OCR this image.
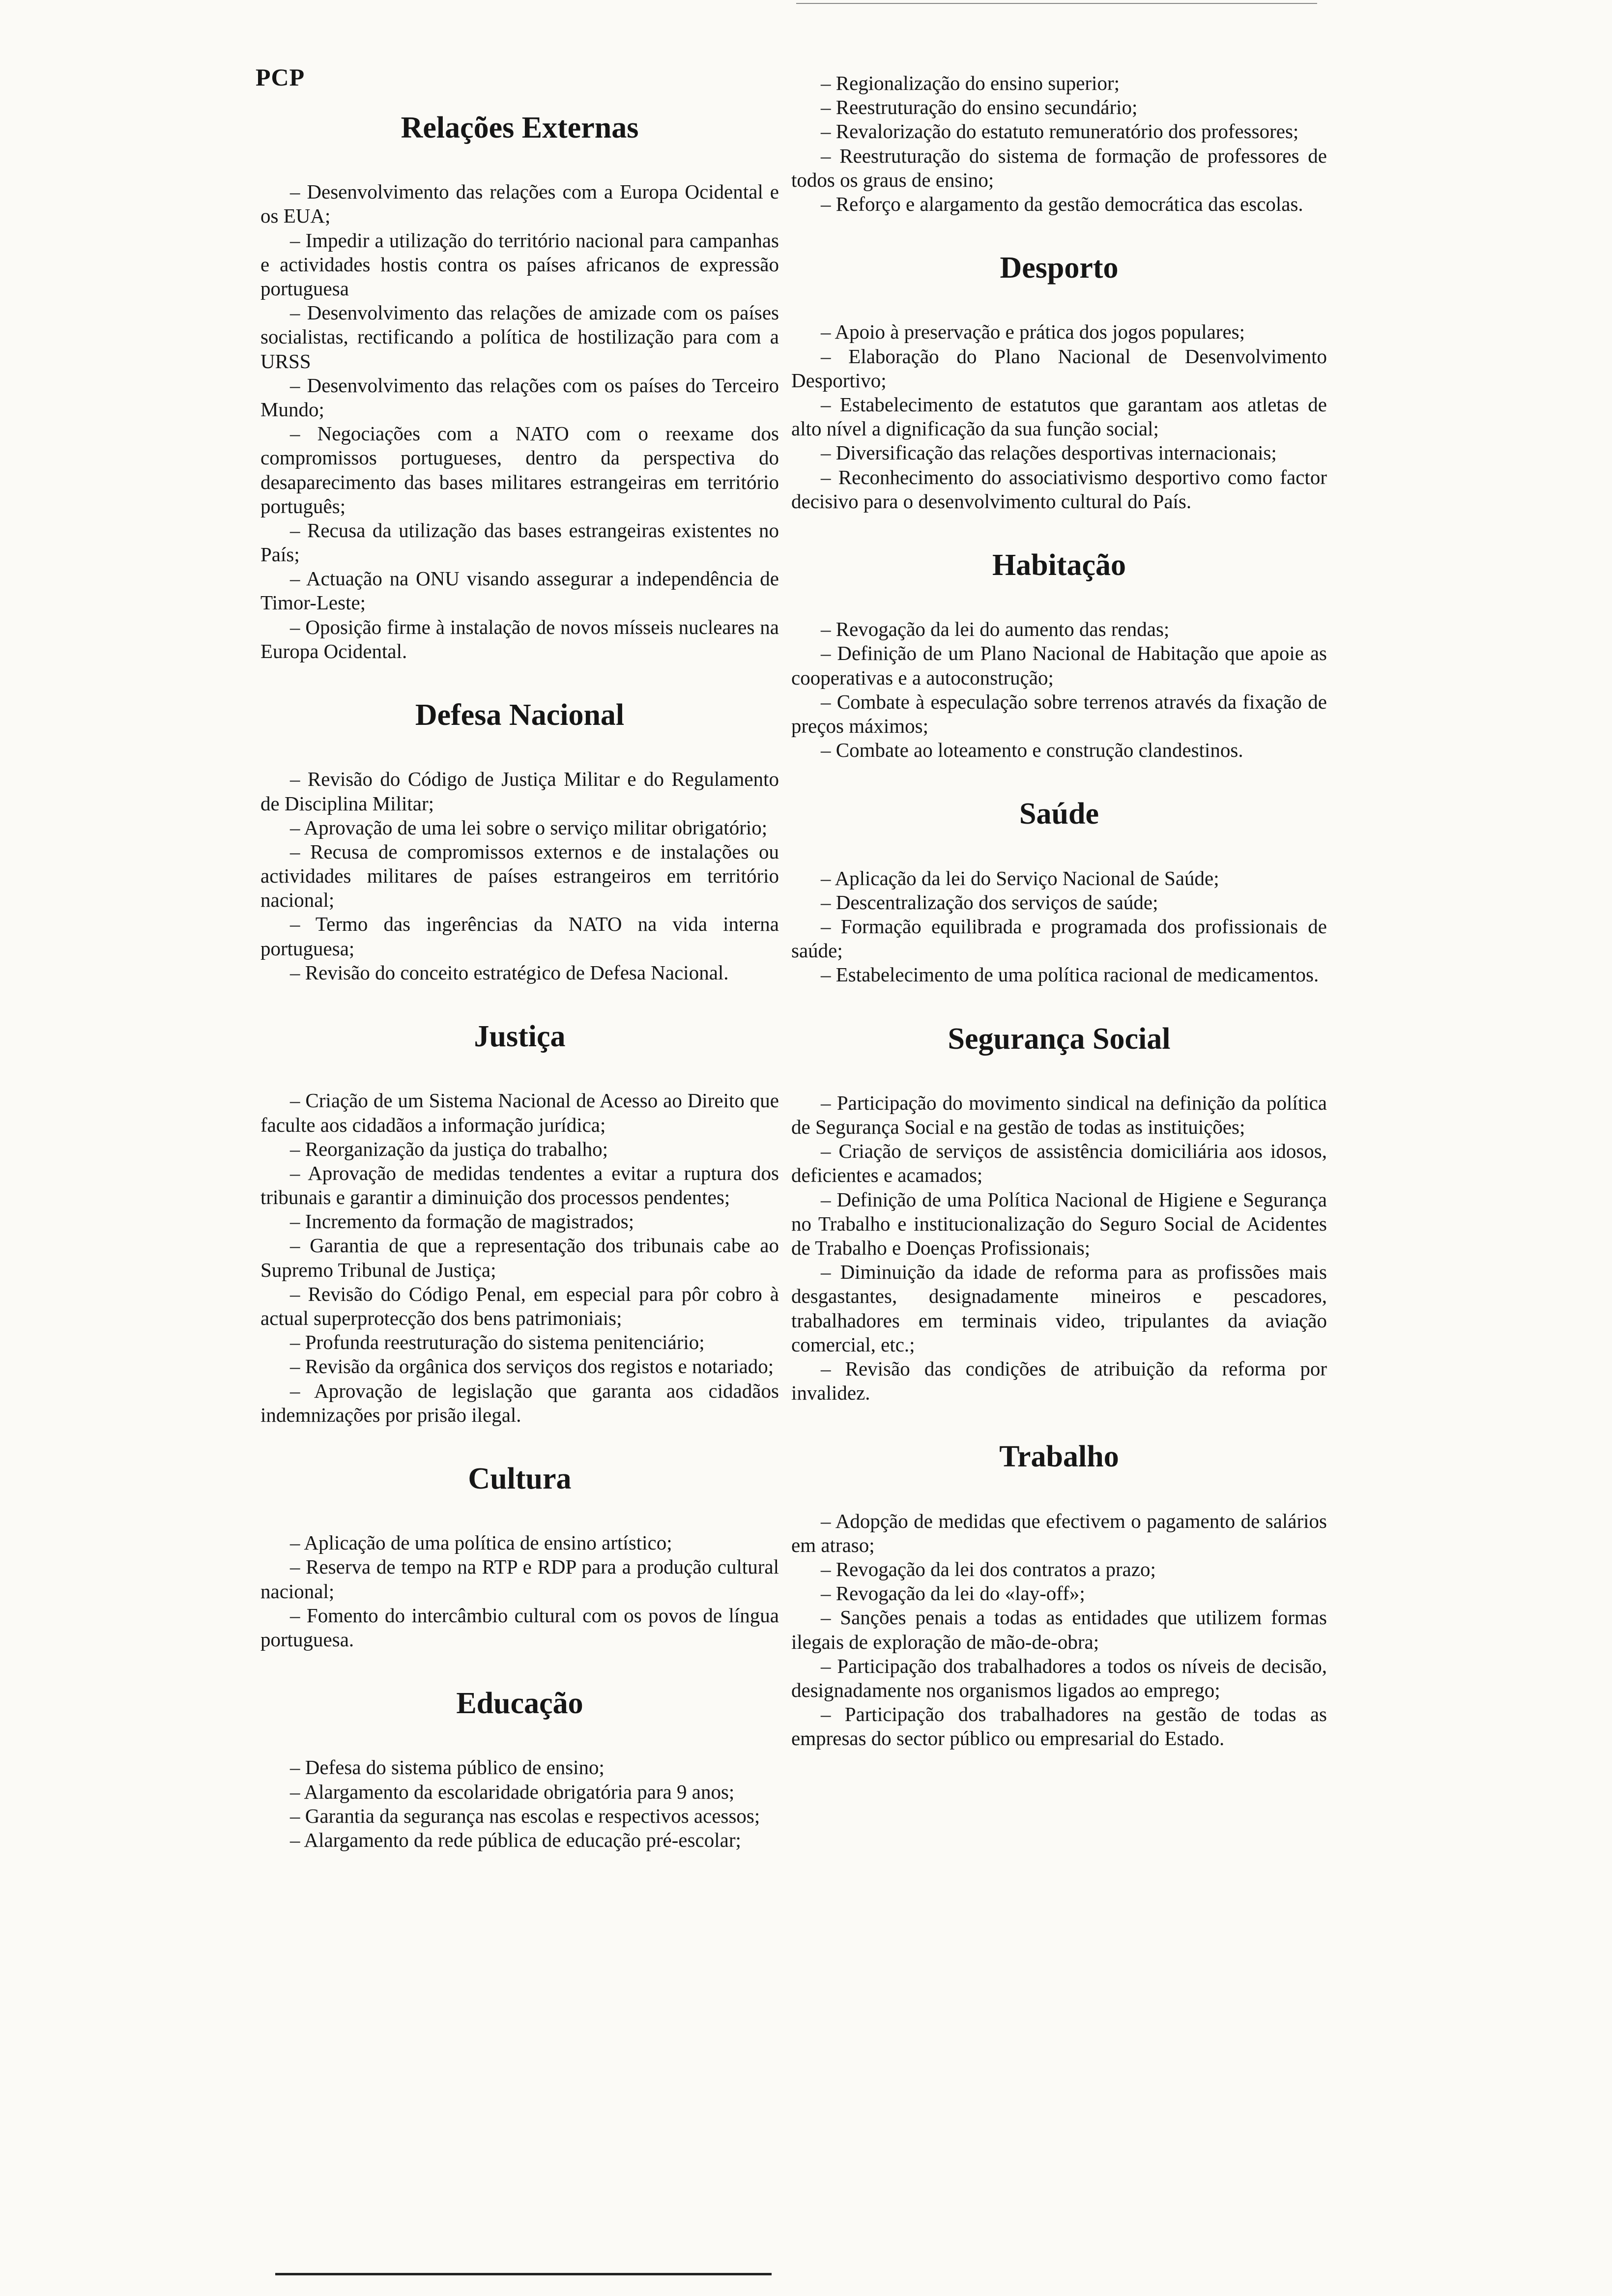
PCP
Relações Externas
– Desenvolvimento das relações com a Europa Ocidental e os EUA;
– Impedir a utilização do território nacional para campanhas e actividades hostis contra os países africanos de expressão portuguesa
– Desenvolvimento das relações de amizade com os países socialistas, rectificando a política de hostilização para com a URSS
– Desenvolvimento das relações com os países do Terceiro Mundo;
– Negociações com a NATO com o reexame dos compromissos portugueses, dentro da perspectiva do desaparecimento das bases militares estrangeiras em território português;
– Recusa da utilização das bases estrangeiras existentes no País;
– Actuação na ONU visando assegurar a independência de Timor-Leste;
– Oposição firme à instalação de novos mísseis nucleares na Europa Ocidental.
Defesa Nacional
– Revisão do Código de Justiça Militar e do Regulamento de Disciplina Militar;
– Aprovação de uma lei sobre o serviço militar obrigatório;
– Recusa de compromissos externos e de instalações ou actividades militares de países estrangeiros em território nacional;
– Termo das ingerências da NATO na vida interna portuguesa;
– Revisão do conceito estratégico de Defesa Nacional.
Justiça
– Criação de um Sistema Nacional de Acesso ao Direito que faculte aos cidadãos a informação jurídica;
– Reorganização da justiça do trabalho;
– Aprovação de medidas tendentes a evitar a ruptura dos tribunais e garantir a diminuição dos processos pendentes;
– Incremento da formação de magistrados;
– Garantia de que a representação dos tribunais cabe ao Supremo Tribunal de Justiça;
– Revisão do Código Penal, em especial para pôr cobro à actual superprotecção dos bens patrimoniais;
– Profunda reestruturação do sistema penitenciário;
– Revisão da orgânica dos serviços dos registos e notariado;
– Aprovação de legislação que garanta aos cidadãos indemnizações por prisão ilegal.
Cultura
– Aplicação de uma política de ensino artístico;
– Reserva de tempo na RTP e RDP para a produção cultural nacional;
– Fomento do intercâmbio cultural com os povos de língua portuguesa.
Educação
– Defesa do sistema público de ensino;
– Alargamento da escolaridade obrigatória para 9 anos;
– Garantia da segurança nas escolas e respectivos acessos;
– Alargamento da rede pública de educação pré-escolar;
– Regionalização do ensino superior;
– Reestruturação do ensino secundário;
– Revalorização do estatuto remuneratório dos professores;
– Reestruturação do sistema de formação de professores de todos os graus de ensino;
– Reforço e alargamento da gestão democrática das escolas.
Desporto
– Apoio à preservação e prática dos jogos populares;
– Elaboração do Plano Nacional de Desenvolvimento Desportivo;
– Estabelecimento de estatutos que garantam aos atletas de alto nível a dignificação da sua função social;
– Diversificação das relações desportivas internacionais;
– Reconhecimento do associativismo desportivo como factor decisivo para o desenvolvimento cultural do País.
Habitação
– Revogação da lei do aumento das rendas;
– Definição de um Plano Nacional de Habitação que apoie as cooperativas e a autoconstrução;
– Combate à especulação sobre terrenos através da fixação de preços máximos;
– Combate ao loteamento e construção clandestinos.
Saúde
– Aplicação da lei do Serviço Nacional de Saúde;
– Descentralização dos serviços de saúde;
– Formação equilibrada e programada dos profissionais de saúde;
– Estabelecimento de uma política racional de medicamentos.
Segurança Social
– Participação do movimento sindical na definição da política de Segurança Social e na gestão de todas as instituições;
– Criação de serviços de assistência domiciliária aos idosos, deficientes e acamados;
– Definição de uma Política Nacional de Higiene e Segurança no Trabalho e institucionalização do Seguro Social de Acidentes de Trabalho e Doenças Profissionais;
– Diminuição da idade de reforma para as profissões mais desgastantes, designadamente mineiros e pescadores, trabalhadores em terminais video, tripulantes da aviação comercial, etc.;
– Revisão das condições de atribuição da reforma por invalidez.
Trabalho
– Adopção de medidas que efectivem o pagamento de salários em atraso;
– Revogação da lei dos contratos a prazo;
– Revogação da lei do «lay-off»;
– Sanções penais a todas as entidades que utilizem formas ilegais de exploração de mão-de-obra;
– Participação dos trabalhadores a todos os níveis de decisão, designadamente nos organismos ligados ao emprego;
– Participação dos trabalhadores na gestão de todas as empresas do sector público ou empresarial do Estado.
